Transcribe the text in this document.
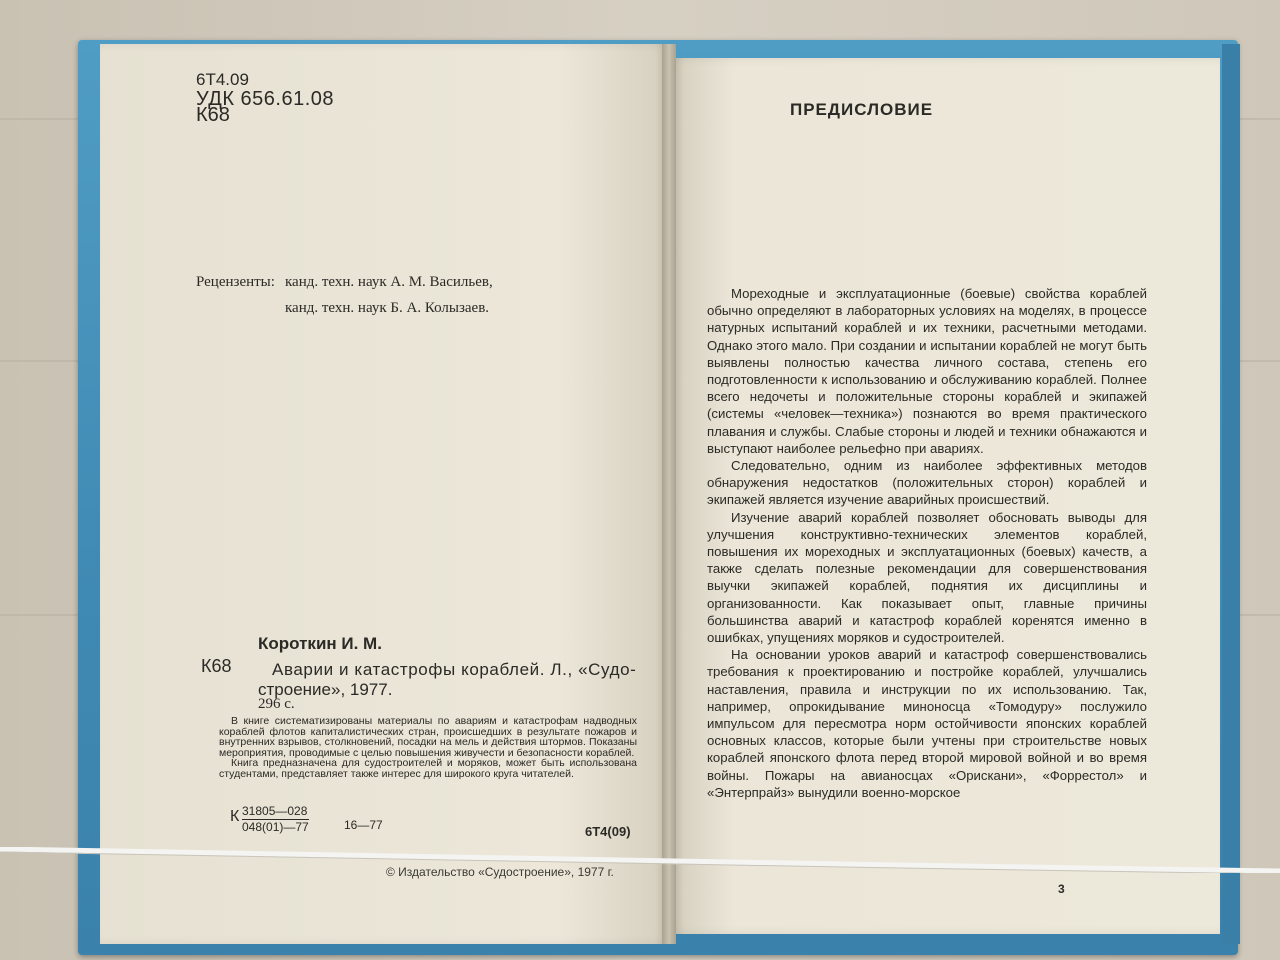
6Т4.09
УДК 656.61.08
К68
Рецензенты: канд. техн. наук А. М. Васильев,
канд. техн. наук Б. А. Колызаев.
Короткин И. М.
К68 Аварии и катастрофы кораблей. Л., «Судо-
строение», 1977.
296 с.

В книге систематизированы материалы по авариям и катастрофам надводных кораблей флотов капиталистических стран, происшедших в результате пожаров и внутренних взрывов, столкновений, посадки на мель и действия штормов. Показаны мероприятия, проводимые с целью повышения живучести и безопасности кораблей.

Книга предназначена для судостроителей и моряков, может быть использована студентами, представляет также интерес для широкого круга читателей.

К $\frac{31805—028}{048(01)—77}$	16—77	6Т4(09)
© Издательство «Судостроение», 1977 г.
ПРЕДИСЛОВИЕ

Мореходные и эксплуатационные (боевые) свойства кораблей обычно определяют в лабораторных условиях на моделях, в процессе натурных испытаний кораблей и их техники, расчетными методами. Однако этого мало. При создании и испытании кораблей не могут быть выявлены полностью качества личного состава, степень его подготовленности к использованию и обслуживанию кораблей. Полнее всего недочеты и положительные стороны кораблей и экипажей (системы «человек—техника») познаются во время практического плавания и службы. Слабые стороны и людей и техники обнажаются и выступают наиболее рельефно при авариях.

Следовательно, одним из наиболее эффективных методов обнаружения недостатков (положительных сторон) кораблей и экипажей является изучение аварийных происшествий.

Изучение аварий кораблей позволяет обосновать выводы для улучшения конструктивно-технических элементов кораблей, повышения их мореходных и эксплуатационных (боевых) качеств, а также сделать полезные рекомендации для совершенствования выучки экипажей кораблей, поднятия их дисциплины и организованности. Как показывает опыт, главные причины большинства аварий и катастроф кораблей коренятся именно в ошибках, упущениях моряков и судостроителей.

На основании уроков аварий и катастроф совершенствовались требования к проектированию и постройке кораблей, улучшались наставления, правила и инструкции по их использованию. Так, например, опрокидывание миноносца «Томодуру» послужило импульсом для пересмотра норм остойчивости японских кораблей основных классов, которые были учтены при строительстве новых кораблей японского флота перед второй мировой войной и во время войны. Пожары на авианосцах «Орискани», «Форрестол» и «Энтерпрайз» вынудили военно-морское

3
